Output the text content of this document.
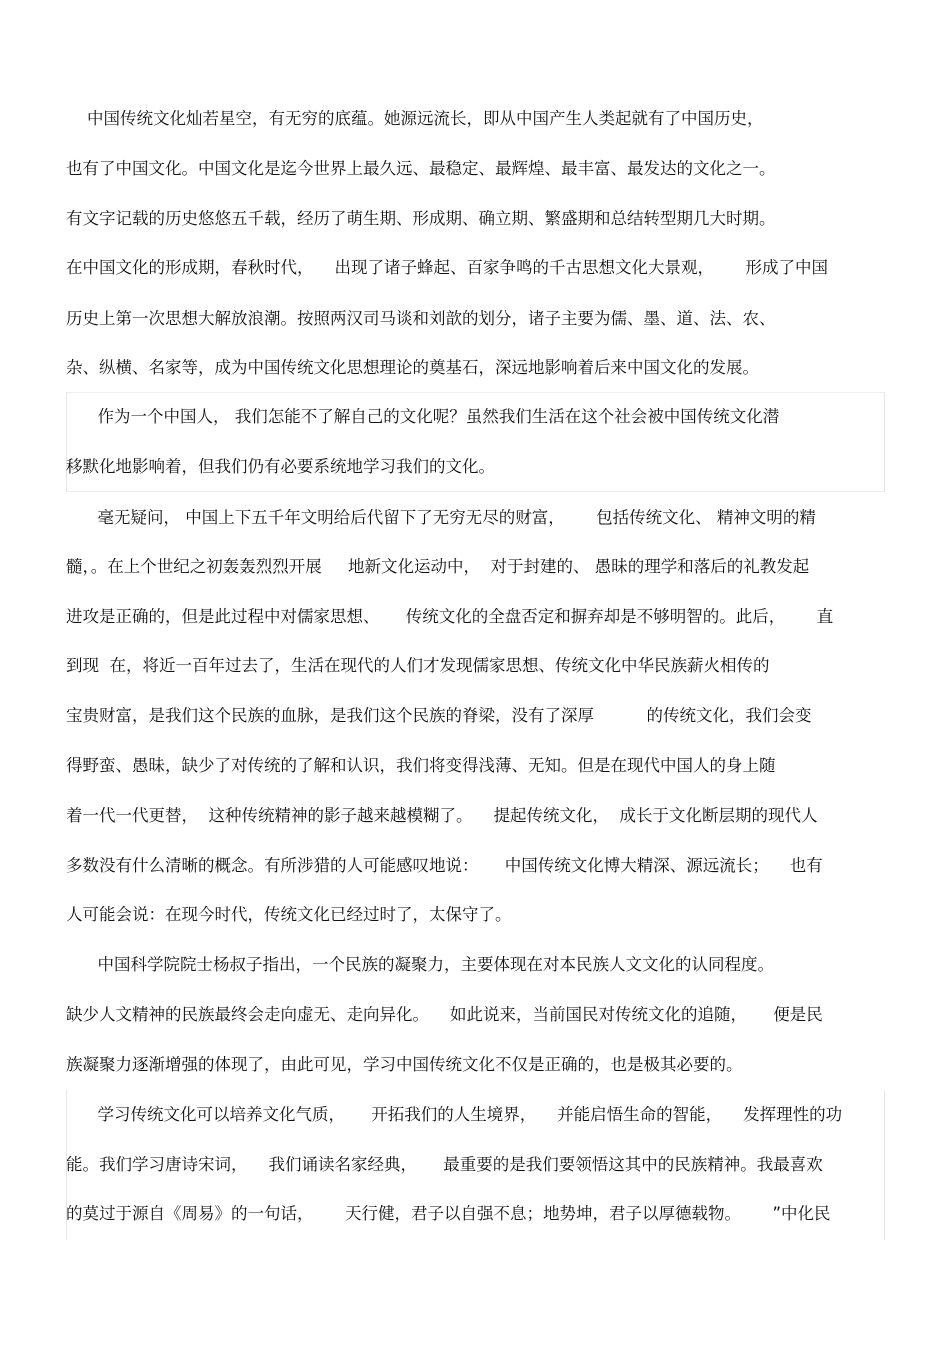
中国传统文化灿若星空，有无穷的底蕴。她源远流长，即从中国产生人类起就有了中国历史，
也有了中国文化。中国文化是迄今世界上最久远、最稳定、最辉煌、最丰富、最发达的文化之一。
有文字记载的历史悠悠五千载，经历了萌生期、形成期、确立期、繁盛期和总结转型期几大时期。
在中国文化的形成期，春秋时代，    出现了诸子蜂起、百家争鸣的千古思想文化大景观，      形成了中国
历史上第一次思想大解放浪潮。按照两汉司马谈和刘歆的划分，诸子主要为儒、墨、道、法、农、
杂、纵横、名家等，成为中国传统文化思想理论的奠基石，深远地影响着后来中国文化的发展。
作为一个中国人， 我们怎能不了解自己的文化呢？虽然我们生活在这个社会被中国传统文化潜
移默化地影响着，但我们仍有必要系统地学习我们的文化。
毫无疑问， 中国上下五千年文明给后代留下了无穷无尽的财富，      包括传统文化、 精神文明的精
髓，。在上个世纪之初轰轰烈烈开展     地新文化运动中，  对于封建的、 愚昧的理学和落后的礼教发起
进攻是正确的，但是此过程中对儒家思想、     传统文化的全盘否定和摒弃却是不够明智的。此后，      直
到现  在，将近一百年过去了，生活在现代的人们才发现儒家思想、传统文化中华民族薪火相传的
宝贵财富，是我们这个民族的血脉，是我们这个民族的脊梁，没有了深厚          的传统文化，我们会变
得野蛮、愚昧，缺少了对传统的了解和认识，我们将变得浅薄、无知。但是在现代中国人的身上随
着一代一代更替，  这种传统精神的影子越来越模糊了。    提起传统文化，  成长于文化断层期的现代人
多数没有什么清晰的概念。有所涉猎的人可能感叹地说：     中国传统文化博大精深、源远流长；    也有
人可能会说：在现今时代，传统文化已经过时了，太保守了。
中国科学院院士杨叔子指出，一个民族的凝聚力，主要体现在对本民族人文文化的认同程度。
缺少人文精神的民族最终会走向虚无、走向异化。    如此说来，当前国民对传统文化的追随，     便是民
族凝聚力逐渐增强的体现了，由此可见，学习中国传统文化不仅是正确的，也是极其必要的。
学习传统文化可以培养文化气质，     开拓我们的人生境界，    并能启悟生命的智能，    发挥理性的功
能。我们学习唐诗宋词，    我们诵读名家经典，     最重要的是我们要领悟这其中的民族精神。我最喜欢
的莫过于源自《周易》的一句话，      天行健，君子以自强不息；地势坤，君子以厚德载物。      ”中化民
